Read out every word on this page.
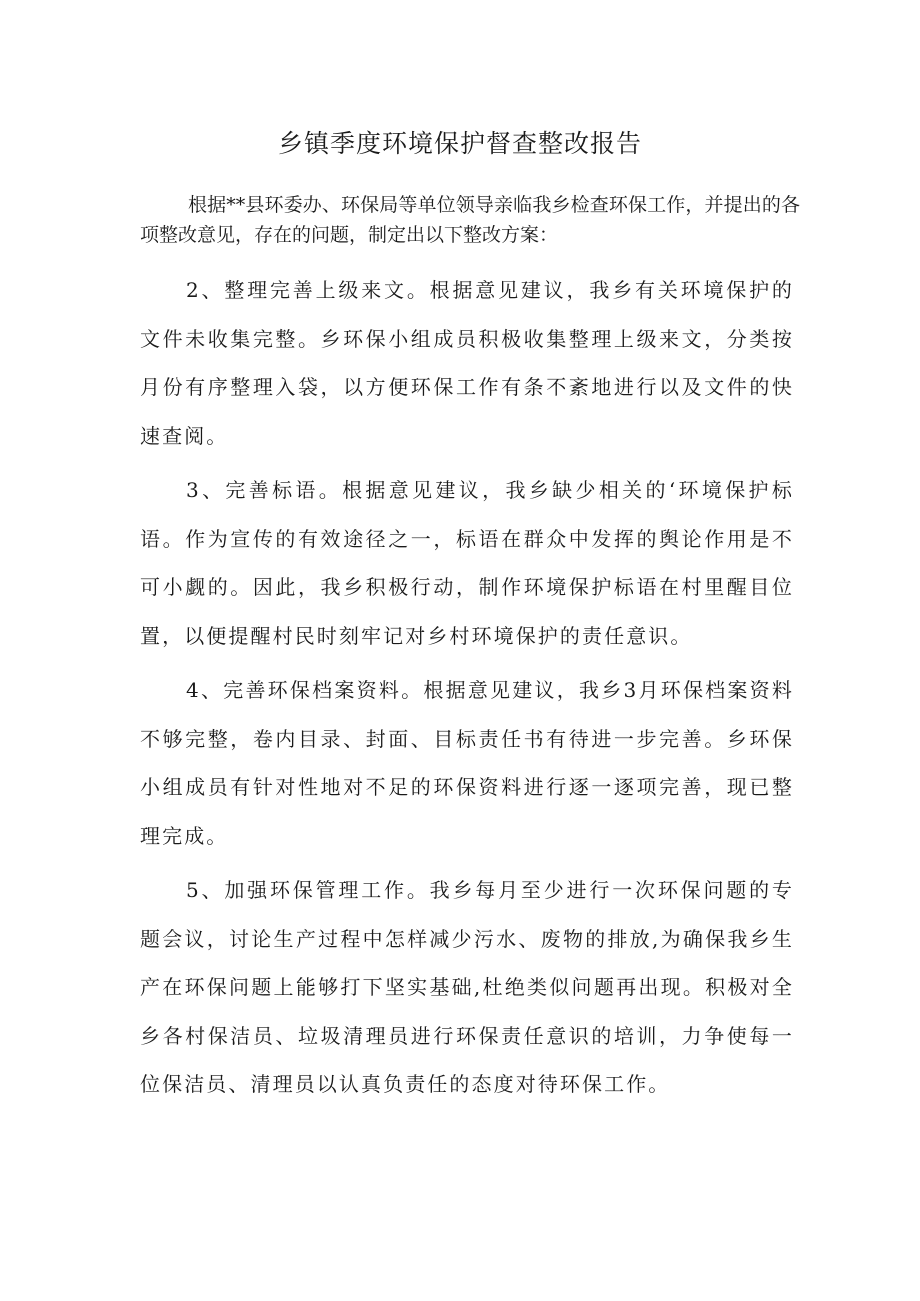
乡镇季度环境保护督查整改报告

根据**县环委办、环保局等单位领导亲临我乡检查环保工作，并提出的各项整改意见，存在的问题，制定出以下整改方案：

2、整理完善上级来文。根据意见建议，我乡有关环境保护的文件未收集完整。乡环保小组成员积极收集整理上级来文，分类按月份有序整理入袋，以方便环保工作有条不紊地进行以及文件的快速查阅。

3、完善标语。根据意见建议，我乡缺少相关的‘环境保护标语。作为宣传的有效途径之一，标语在群众中发挥的舆论作用是不可小觑的。因此，我乡积极行动，制作环境保护标语在村里醒目位置，以便提醒村民时刻牢记对乡村环境保护的责任意识。

4、完善环保档案资料。根据意见建议，我乡3月环保档案资料不够完整，卷内目录、封面、目标责任书有待进一步完善。乡环保小组成员有针对性地对不足的环保资料进行逐一逐项完善，现已整理完成。

5、加强环保管理工作。我乡每月至少进行一次环保问题的专题会议，讨论生产过程中怎样减少污水、废物的排放,为确保我乡生产在环保问题上能够打下坚实基础,杜绝类似问题再出现。积极对全乡各村保洁员、垃圾清理员进行环保责任意识的培训，力争使每一位保洁员、清理员以认真负责任的态度对待环保工作。
